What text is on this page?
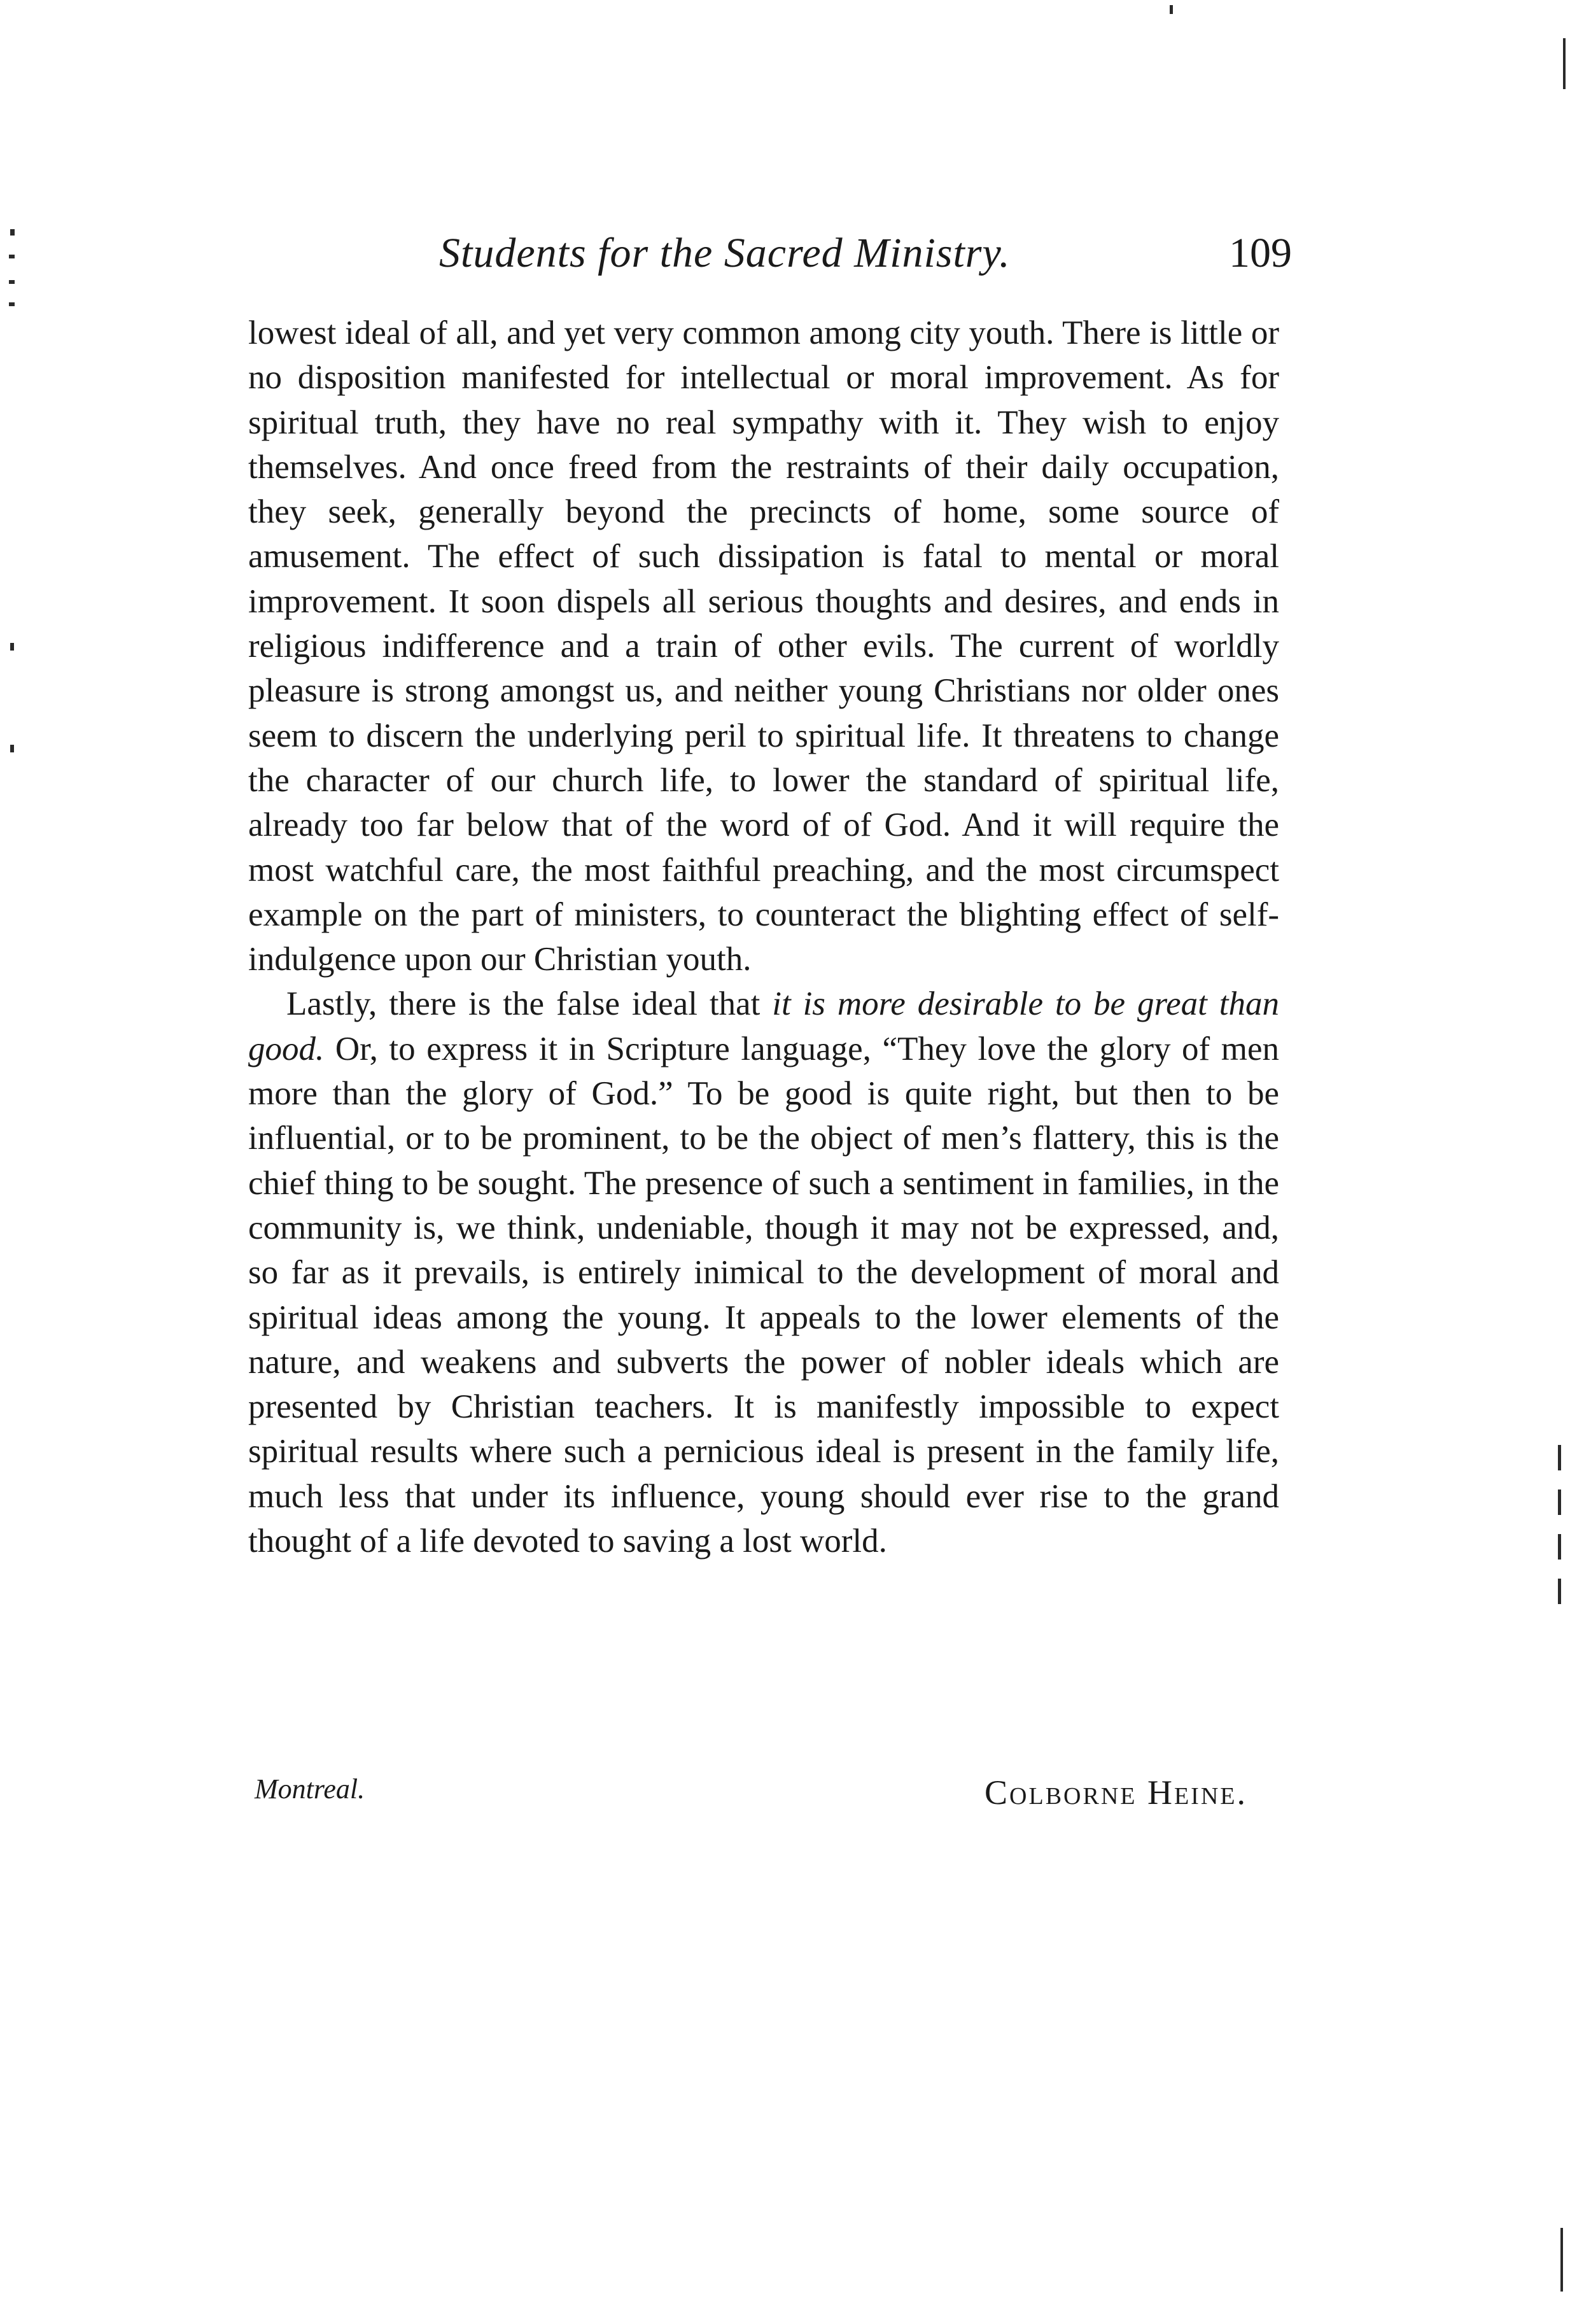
Students for the Sacred Ministry.	109

lowest ideal of all, and yet very common among city youth. There is little or no disposition manifested for intellectual or moral improvement. As for spiritual truth, they have no real sympathy with it. They wish to enjoy themselves. And once freed from the restraints of their daily occupation, they seek, generally beyond the precincts of home, some source of amusement. The effect of such dissipation is fatal to mental or moral improvement. It soon dispels all serious thoughts and desires, and ends in religious indifference and a train of other evils. The current of worldly pleasure is strong amongst us, and neither young Christians nor older ones seem to discern the underlying peril to spiritual life. It threatens to change the character of our church life, to lower the standard of spiritual life, already too far below that of the word of of God. And it will require the most watchful care, the most faithful preaching, and the most circumspect example on the part of ministers, to counteract the blighting effect of self-indulgence upon our Christian youth.

Lastly, there is the false ideal that it is more desirable to be great than good. Or, to express it in Scripture language, “They love the glory of men more than the glory of God.” To be good is quite right, but then to be influential, or to be prominent, to be the object of men’s flattery, this is the chief thing to be sought. The presence of such a sentiment in families, in the community is, we think, undeniable, though it may not be expressed, and, so far as it prevails, is entirely inimical to the development of moral and spiritual ideas among the young. It appeals to the lower elements of the nature, and weakens and subverts the power of nobler ideals which are presented by Christian teachers. It is manifestly impossible to expect spiritual results where such a pernicious ideal is present in the family life, much less that under its influence, young should ever rise to the grand thought of a life devoted to saving a lost world.

Montreal.	Colborne Heine.
